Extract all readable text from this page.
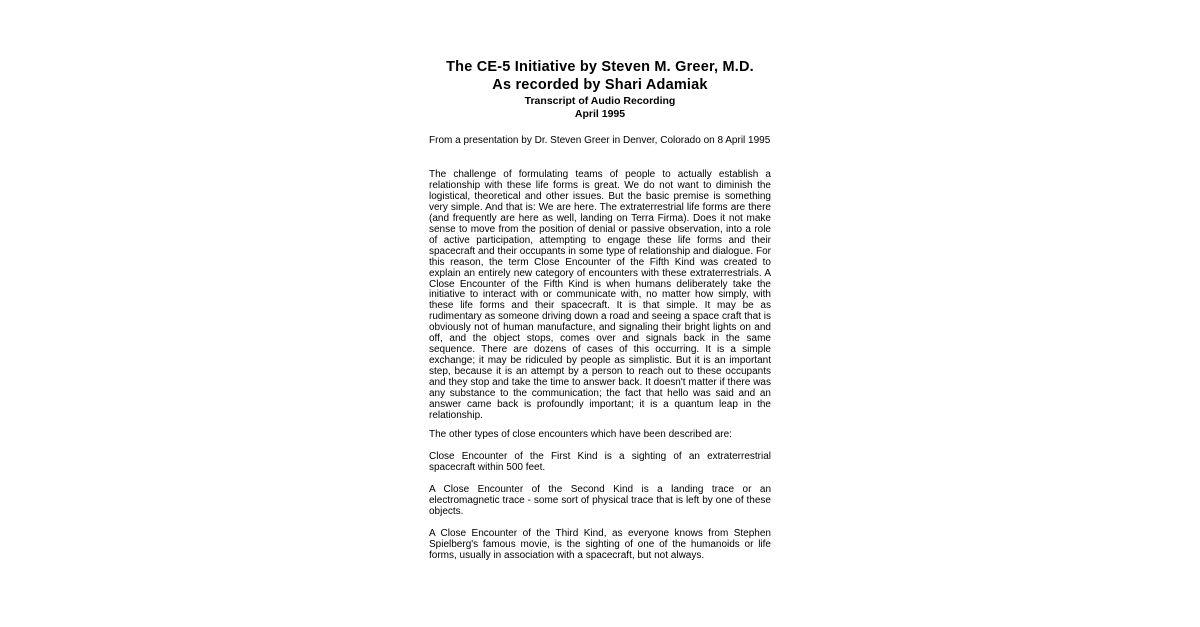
The CE-5 Initiative by Steven M. Greer, M.D.

As recorded by Shari Adamiak

Transcript of Audio Recording

April 1995

From a presentation by Dr. Steven Greer in Denver, Colorado on 8 April 1995

The challenge of formulating teams of people to actually establish a relationship with these life forms is great. We do not want to diminish the logistical, theoretical and other issues. But the basic premise is something very simple. And that is: We are here. The extraterrestrial life forms are there (and frequently are here as well, landing on Terra Firma). Does it not make sense to move from the position of denial or passive observation, into a role of active participation, attempting to engage these life forms and their spacecraft and their occupants in some type of relationship and dialogue. For this reason, the term Close Encounter of the Fifth Kind was created to explain an entirely new category of encounters with these extraterrestrials. A Close Encounter of the Fifth Kind is when humans deliberately take the initiative to interact with or communicate with, no matter how simply, with these life forms and their spacecraft. It is that simple. It may be as rudimentary as someone driving down a road and seeing a space craft that is obviously not of human manufacture, and signaling their bright lights on and off, and the object stops, comes over and signals back in the same sequence. There are dozens of cases of this occurring. It is a simple exchange; it may be ridiculed by people as simplistic. But it is an important step, because it is an attempt by a person to reach out to these occupants and they stop and take the time to answer back. It doesn't matter if there was any substance to the communication; the fact that hello was said and an answer came back is profoundly important; it is a quantum leap in the relationship.

The other types of close encounters which have been described are:

Close Encounter of the First Kind is a sighting of an extraterrestrial spacecraft within 500 feet.

A Close Encounter of the Second Kind is a landing trace or an electromagnetic trace - some sort of physical trace that is left by one of these objects.

A Close Encounter of the Third Kind, as everyone knows from Stephen Spielberg's famous movie, is the sighting of one of the humanoids or life forms, usually in association with a spacecraft, but not always.
